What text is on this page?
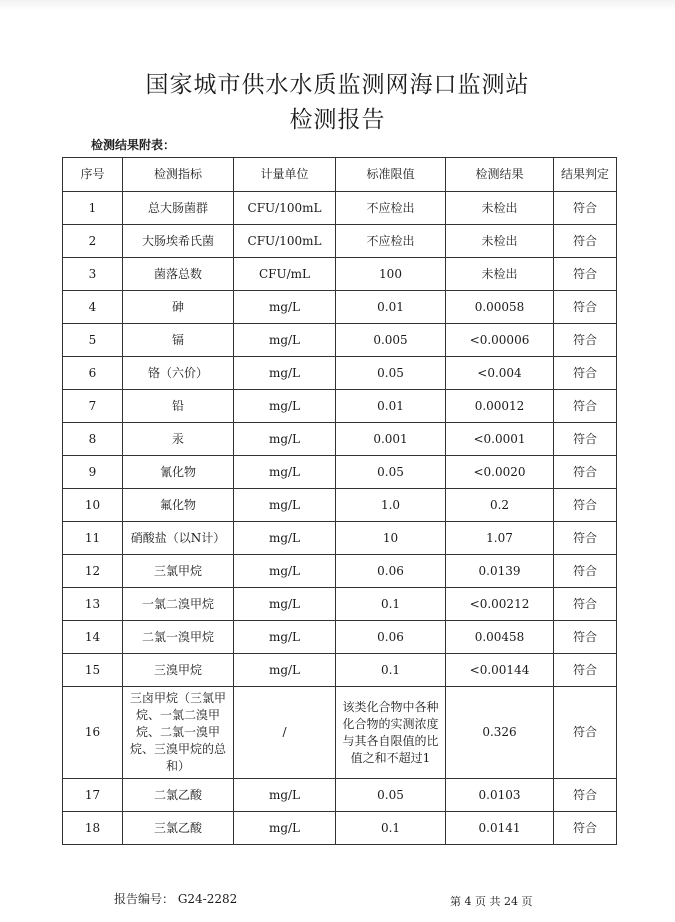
国家城市供水水质监测网海口监测站
检测报告
检测结果附表：
序号	检测指标	计量单位	标准限值	检测结果	结果判定
1	总大肠菌群	CFU/100mL	不应检出	未检出	符合
2	大肠埃希氏菌	CFU/100mL	不应检出	未检出	符合
3	菌落总数	CFU/mL	100	未检出	符合
4	砷	mg/L	0.01	0.00058	符合
5	镉	mg/L	0.005	<0.00006	符合
6	铬（六价）	mg/L	0.05	<0.004	符合
7	铅	mg/L	0.01	0.00012	符合
8	汞	mg/L	0.001	<0.0001	符合
9	氰化物	mg/L	0.05	<0.0020	符合
10	氟化物	mg/L	1.0	0.2	符合
11	硝酸盐（以N计）	mg/L	10	1.07	符合
12	三氯甲烷	mg/L	0.06	0.0139	符合
13	一氯二溴甲烷	mg/L	0.1	<0.00212	符合
14	二氯一溴甲烷	mg/L	0.06	0.00458	符合
15	三溴甲烷	mg/L	0.1	<0.00144	符合
16	三卤甲烷（三氯甲烷、一氯二溴甲烷、二氯一溴甲烷、三溴甲烷的总和）	/	该类化合物中各种化合物的实测浓度与其各自限值的比值之和不超过1	0.326	符合
17	二氯乙酸	mg/L	0.05	0.0103	符合
18	三氯乙酸	mg/L	0.1	0.0141	符合
报告编号： G24-2282	第 4 页 共 24 页
